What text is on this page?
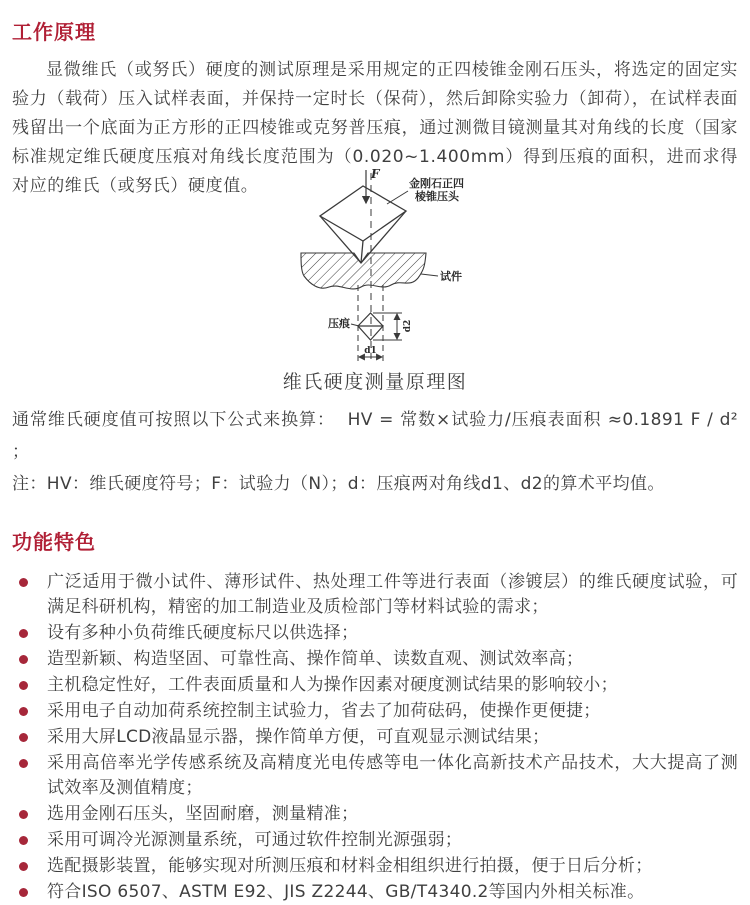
工作原理

显微维氏（或努氏）硬度的测试原理是采用规定的正四棱锥金刚石压头，将选定的固定实验力（载荷）压入试样表面，并保持一定时长（保荷），然后卸除实验力（卸荷），在试样表面残留出一个底面为正方形的正四棱锥或克努普压痕，通过测微目镜测量其对角线的长度（国家标准规定维氏硬度压痕对角线长度范围为（0.020~1.400mm）得到压痕的面积，进而求得对应的维氏（或努氏）硬度值。

F
金刚石正四
棱锥压头
试件
压痕	d2
d1
维氏硬度测量原理图

通常维氏硬度值可按照以下公式来换算：  HV = 常数×试验力/压痕表面积 ≈0.1891 F / d² ；
注：HV：维氏硬度符号；F：试验力（N）；d：压痕两对角线d1、d2的算术平均值。

功能特色
广泛适用于微小试件、薄形试件、热处理工件等进行表面（渗镀层）的维氏硬度试验，可满足科研机构，精密的加工制造业及质检部门等材料试验的需求；
设有多种小负荷维氏硬度标尺以供选择；
造型新颖、构造坚固、可靠性高、操作简单、读数直观、测试效率高；
主机稳定性好，工件表面质量和人为操作因素对硬度测试结果的影响较小；
采用电子自动加荷系统控制主试验力，省去了加荷砝码，使操作更便捷；
采用大屏LCD液晶显示器，操作简单方便，可直观显示测试结果；
采用高倍率光学传感系统及高精度光电传感等电一体化高新技术产品技术，大大提高了测试效率及测值精度；
选用金刚石压头，坚固耐磨，测量精准；
采用可调冷光源测量系统，可通过软件控制光源强弱；
选配摄影装置，能够实现对所测压痕和材料金相组织进行拍摄，便于日后分析；
符合ISO 6507、ASTM E92、JIS Z2244、GB/T4340.2等国内外相关标准。
